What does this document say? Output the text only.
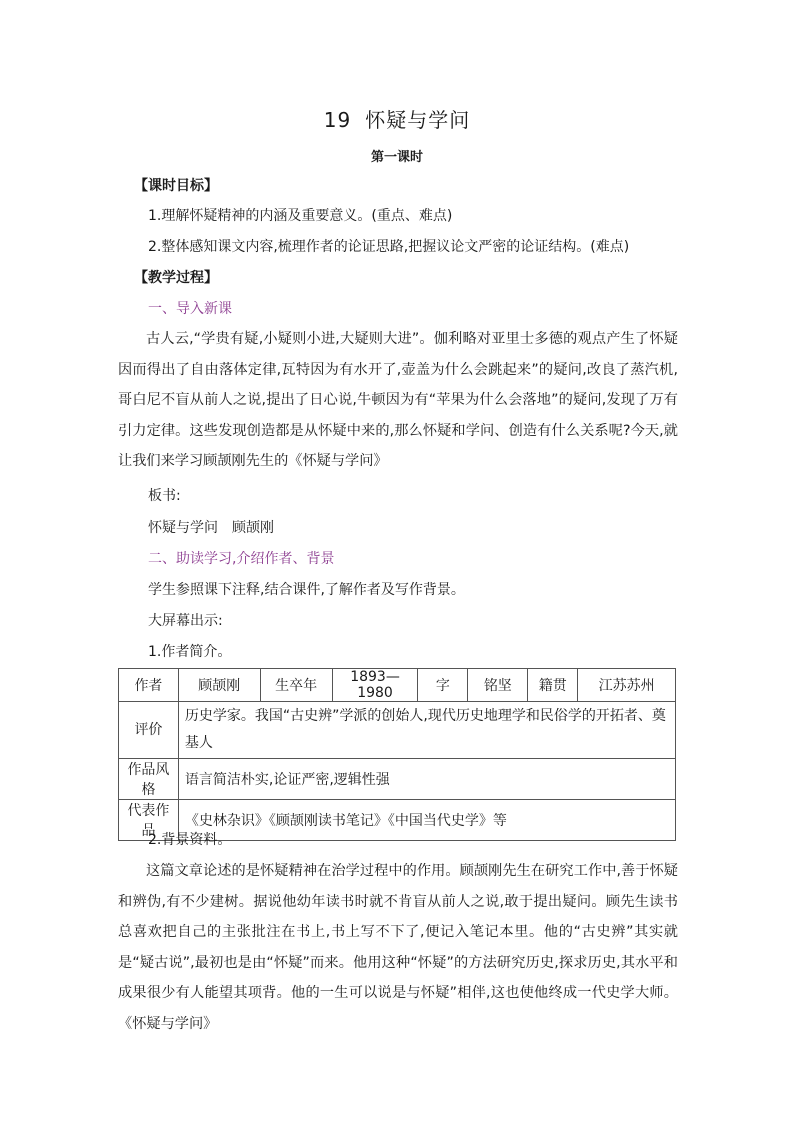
19 怀疑与学问
第一课时
【课时目标】
1.理解怀疑精神的内涵及重要意义。(重点、难点)
2.整体感知课文内容,梳理作者的论证思路,把握议论文严密的论证结构。(难点)
【教学过程】
一、导入新课
古人云,“学贵有疑,小疑则小进,大疑则大进”。伽利略对亚里士多德的观点产生了怀疑因而得出了自由落体定律,瓦特因为有水开了,壶盖为什么会跳起来”的疑问,改良了蒸汽机,哥白尼不盲从前人之说,提出了日心说,牛顿因为有“苹果为什么会落地”的疑问,发现了万有引力定律。这些发现创造都是从怀疑中来的,那么怀疑和学问、创造有什么关系呢?今天,就让我们来学习顾颉刚先生的《怀疑与学问》
板书:
怀疑与学问　顾颉刚
二、助读学习,介绍作者、背景
学生参照课下注释,结合课件,了解作者及写作背景。
大屏幕出示:
1.作者简介。
作者	顾颉刚	生卒年	1893—1980	字	铭坚	籍贯	江苏苏州
评价	历史学家。我国“古史辨”学派的创始人,现代历史地理学和民俗学的开拓者、奠基人						
作品风格	语言简洁朴实,论证严密,逻辑性强						
代表作品	《史林杂识》《顾颉刚读书笔记》《中国当代史学》等						
2.背景资料。
这篇文章论述的是怀疑精神在治学过程中的作用。顾颉刚先生在研究工作中,善于怀疑和辨伪,有不少建树。据说他幼年读书时就不肯盲从前人之说,敢于提出疑问。顾先生读书总喜欢把自己的主张批注在书上,书上写不下了,便记入笔记本里。他的“古史辨”其实就是“疑古说”,最初也是由“怀疑”而来。他用这种“怀疑”的方法研究历史,探求历史,其水平和成果很少有人能望其项背。他的一生可以说是与怀疑”相伴,这也使他终成一代史学大师。《怀疑与学问》
